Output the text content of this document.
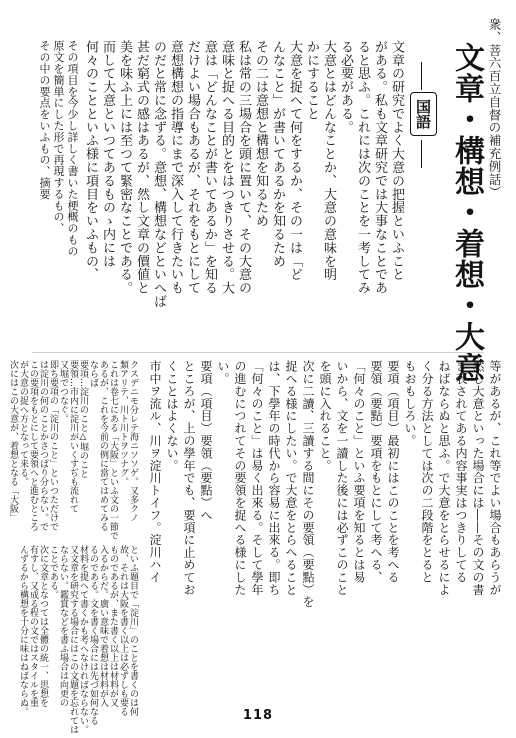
衆、菩六百立自督の補充例話）
文章・構想・着想・大意
国語
文章の研究でよく大意の把握といふこと
がある。私も文章研究では大事なことであ
ると思ふ。これには次のことを一考してみ
る必要がある。
大意とはどんなことか、大意の意味を明
かにすること
大意を捉へて何をするか、その一は「ど
んなこと」が書いてあるかを知るため
その二は意想と構想を知るため
私は常の三場合を頭に置いて、その大意の
意味と捉へる目的とをはつきりさせる。大
意は「どんなことが書いてあるか」を知る
だけよい場合もあるが、それをもとにして
意想構想の指導にまで深入して行きたいも
のだと常に念ずる。意想、構想などといへば
甚だ窮式の感はあるが、然し文章の價値と
美を味ふ上には至つて緊密なことである。
而して大意といつてあるものゝ内には
何々のことといふ様に項目をいふもの、
その項目を今少し詳しく書いた梗概のもの
原文を簡単にした形で再現するもの、
その中の要点をいふもの、摘要
等があるが、これ等でよい場合もあらうが
然し大意といった場合には――その文の書
き表されてある内容事実はつきりしてる
ねばならぬと思ふ。で大意をとらせるによ
く分る方法としては次の二段階をとると
もおもしろい。
要項（項目）最初にはこのことを考へる
要領（要點）要項をもとにして考へる、
「何々のこと」といふ要項を知るとは易
いから、文を一讀した後には必ずこのこと
を頭に入れること。
次に二讀、三讀する間にその要領（要點）を
捉へる様にしたい。で大意をとらへること
は、下學年の時代から容易に出來る。即ち
「何々のこと」は易く出來る。そして學年
の進むにつれてその要領を捉へる様にした
い。
要項（項目）要領（要點）へ
ところが、上の學年でも、要項に止めてお
くことはよくない。
市中ヲ流ル、川ヲ淀川トイフ。淀川ハイ
クスデニモ分レテ海ニソソゲ。又多クノ
類アリテ、川ト川トヲツナグ。
これは卷七にある「大阪」といふ文の一節で
あるが、これを今前の例に當てはめてみる
ならば
要項…淀川のこと△堀のこと
要領…市内に淀川がいくすぢも流れて
又堀でつなぐ。
即ち要項の「淀川のこと」といつただけで
は淀川の何のことかさつぱり分らない。で
この要項をもとにして要領へと進むところ
が大意の捉へ方となって来る。
次にはこの大意が、着想となる「大阪」
といふ題目で「淀川」のことを書くのは何
故、それは大阪を書く以上は必ずしも要る
ものであるが、また書く以上は材料が又
入るからだ。廣い意味で着想は材料が入
るのである。文を書く場合には先づ如何なる
材料を提へて書くかも考へなければならない。
又文章を研究する場合にはこの文題を忘れては
ならない。鑑賞などを書ふ場合は向更の
ことである。
次に文章となつては全體の統一、思想を
有すし、又成る程の文ではスタイルを重
んずるから構想を十分に味はねばならぬ。	118
